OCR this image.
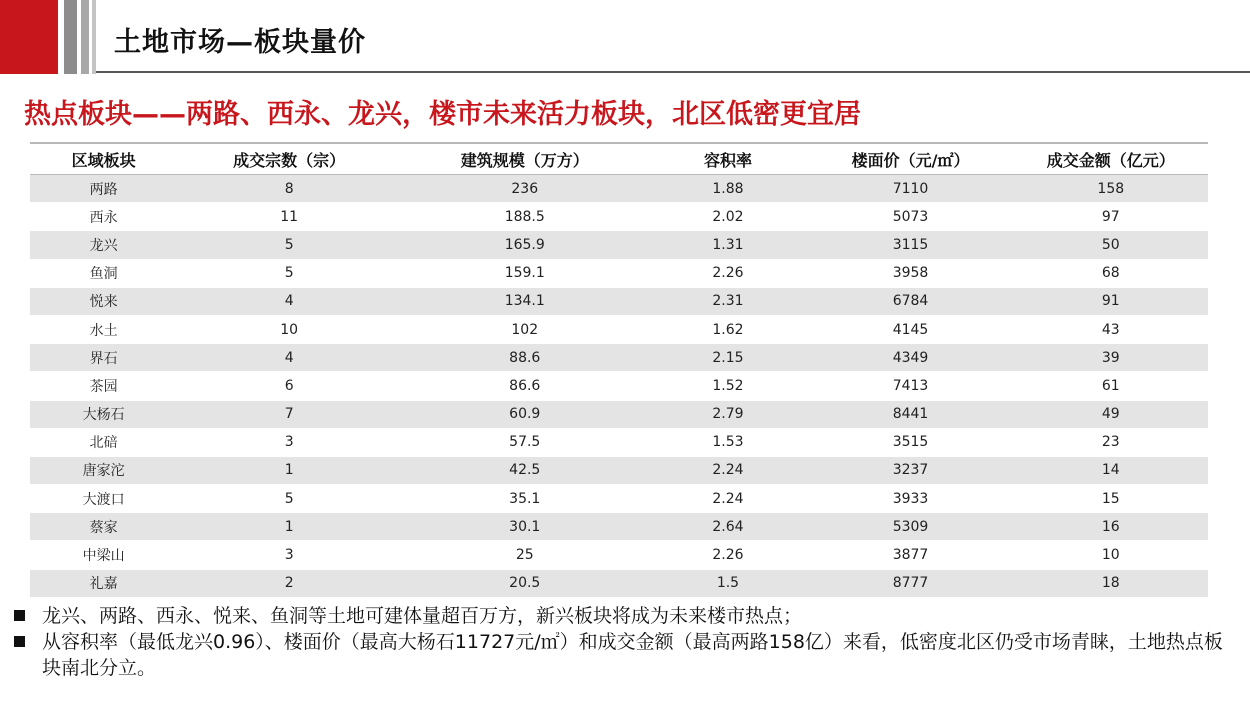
土地市场—板块量价
热点板块——两路、西永、龙兴，楼市未来活力板块，北区低密更宜居
区域板块	成交宗数（宗）	建筑规模（万方）	容积率	楼面价（元/㎡）	成交金额（亿元）
两路	8	236	1.88	7110	158
西永	11	188.5	2.02	5073	97
龙兴	5	165.9	1.31	3115	50
鱼洞	5	159.1	2.26	3958	68
悦来	4	134.1	2.31	6784	91
水土	10	102	1.62	4145	43
界石	4	88.6	2.15	4349	39
茶园	6	86.6	1.52	7413	61
大杨石	7	60.9	2.79	8441	49
北碚	3	57.5	1.53	3515	23
唐家沱	1	42.5	2.24	3237	14
大渡口	5	35.1	2.24	3933	15
蔡家	1	30.1	2.64	5309	16
中梁山	3	25	2.26	3877	10
礼嘉	2	20.5	1.5	8777	18
龙兴、两路、西永、悦来、鱼洞等土地可建体量超百万方，新兴板块将成为未来楼市热点；
从容积率（最低龙兴0.96）、楼面价（最高大杨石11727元/㎡）和成交金额（最高两路158亿）来看，低密度北区仍受市场青睐，土地热点板块南北分立。
